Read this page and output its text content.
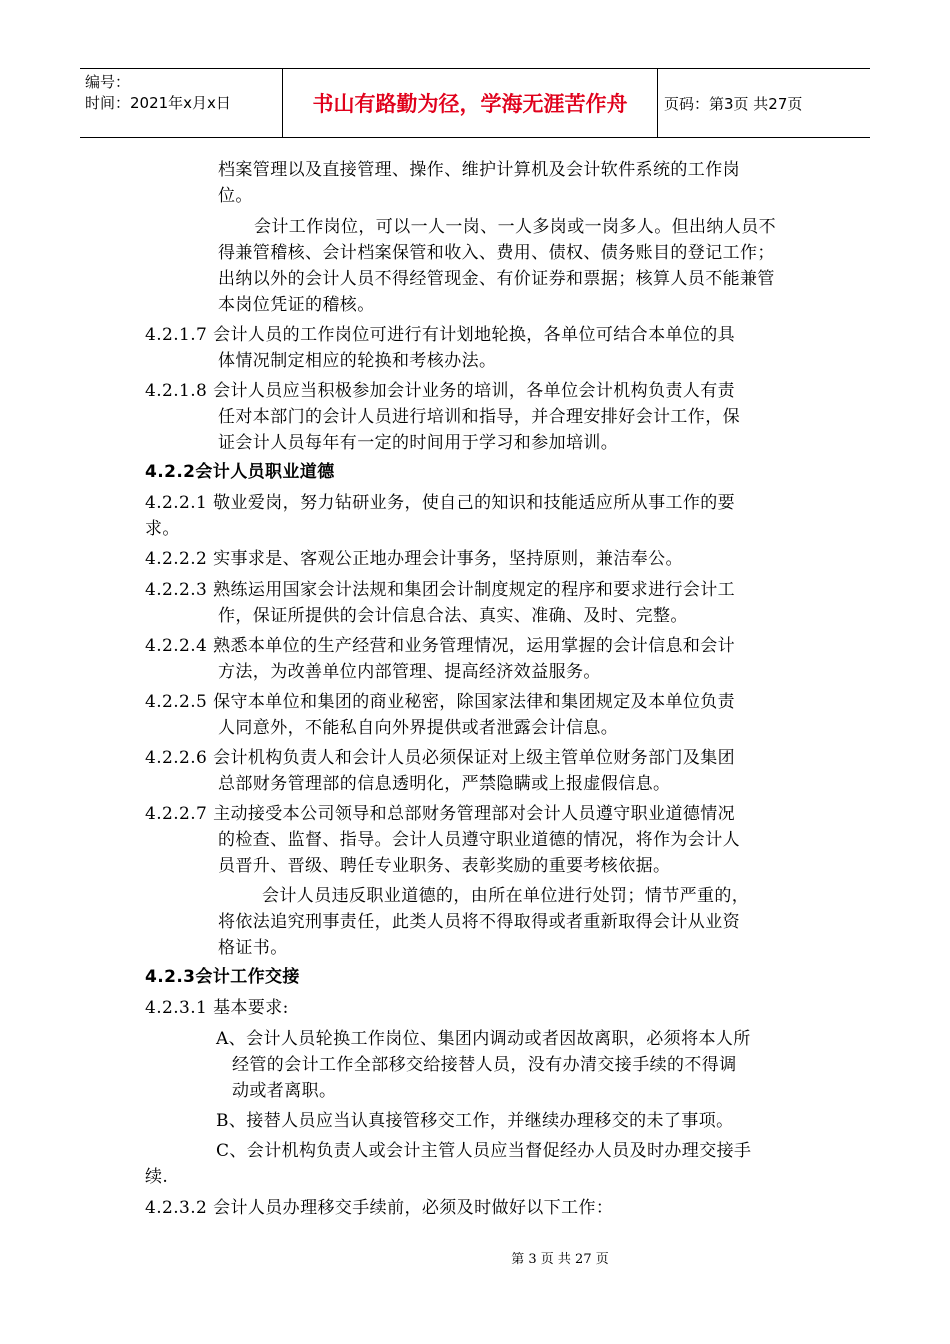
编号：
时间：2021年x月x日	书山有路勤为径，学海无涯苦作舟	页码：第3页 共27页
档案管理以及直接管理、操作、维护计算机及会计软件系统的工作岗
位。
会计工作岗位，可以一人一岗、一人多岗或一岗多人。但出纳人员不
得兼管稽核、会计档案保管和收入、费用、债权、债务账目的登记工作；
出纳以外的会计人员不得经管现金、有价证券和票据；核算人员不能兼管
本岗位凭证的稽核。
4.2.1.7 会计人员的工作岗位可进行有计划地轮换，各单位可结合本单位的具
体情况制定相应的轮换和考核办法。
4.2.1.8 会计人员应当积极参加会计业务的培训，各单位会计机构负责人有责
任对本部门的会计人员进行培训和指导，并合理安排好会计工作，保
证会计人员每年有一定的时间用于学习和参加培训。
4.2.2会计人员职业道德
4.2.2.1 敬业爱岗，努力钻研业务，使自己的知识和技能适应所从事工作的要
求。
4.2.2.2 实事求是、客观公正地办理会计事务，坚持原则，兼洁奉公。
4.2.2.3 熟练运用国家会计法规和集团会计制度规定的程序和要求进行会计工
作，保证所提供的会计信息合法、真实、准确、及时、完整。
4.2.2.4 熟悉本单位的生产经营和业务管理情况，运用掌握的会计信息和会计
方法，为改善单位内部管理、提高经济效益服务。
4.2.2.5 保守本单位和集团的商业秘密，除国家法律和集团规定及本单位负责
人同意外，不能私自向外界提供或者泄露会计信息。
4.2.2.6 会计机构负责人和会计人员必须保证对上级主管单位财务部门及集团
总部财务管理部的信息透明化，严禁隐瞒或上报虚假信息。
4.2.2.7 主动接受本公司领导和总部财务管理部对会计人员遵守职业道德情况
的检查、监督、指导。会计人员遵守职业道德的情况，将作为会计人
员晋升、晋级、聘任专业职务、表彰奖励的重要考核依据。
会计人员违反职业道德的，由所在单位进行处罚；情节严重的，
将依法追究刑事责任，此类人员将不得取得或者重新取得会计从业资
格证书。
4.2.3会计工作交接
4.2.3.1 基本要求:
A、会计人员轮换工作岗位、集团内调动或者因故离职，必须将本人所
经管的会计工作全部移交给接替人员，没有办清交接手续的不得调
动或者离职。
B、接替人员应当认真接管移交工作，并继续办理移交的未了事项。
C、会计机构负责人或会计主管人员应当督促经办人员及时办理交接手
续.
4.2.3.2 会计人员办理移交手续前，必须及时做好以下工作：
第 3 页 共 27 页
